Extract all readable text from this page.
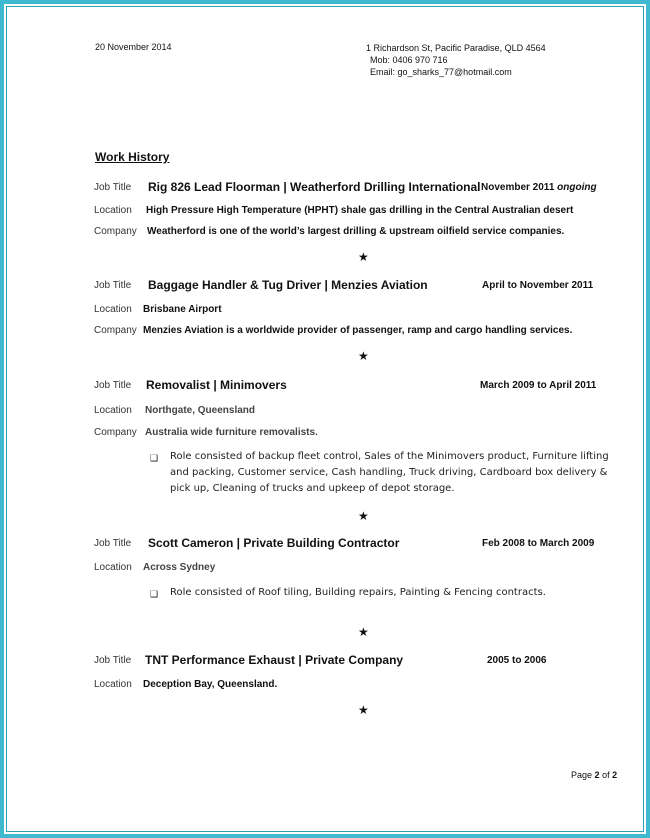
20 November 2014	1 Richardson St, Pacific Paradise, QLD 4564
Mob: 0406 970 716
Email: go_sharks_77@hotmail.com
Work History
Job Title Rig 826 Lead Floorman | Weatherford Drilling International November 2011 ongoing
Location High Pressure High Temperature (HPHT) shale gas drilling in the Central Australian desert
Company Weatherford is one of the world’s largest drilling & upstream oilfield service companies.
★
Job Title Baggage Handler & Tug Driver | Menzies Aviation	April to November 2011
Location Brisbane Airport
Company Menzies Aviation is a worldwide provider of passenger, ramp and cargo handling services.
★
Job Title Removalist | Minimovers	March 2009 to April 2011
Location Northgate, Queensland
Company Australia wide furniture removalists.
❑ Role consisted of backup fleet control, Sales of the Minimovers product, Furniture lifting and packing, Customer service, Cash handling, Truck driving, Cardboard box delivery & pick up, Cleaning of trucks and upkeep of depot storage.
★
Job Title Scott Cameron | Private Building Contractor	Feb 2008 to March 2009
Location Across Sydney
❑ Role consisted of Roof tiling, Building repairs, Painting & Fencing contracts.
★
Job Title TNT Performance Exhaust | Private Company	2005 to 2006
Location Deception Bay, Queensland.
★
Page 2 of 2
